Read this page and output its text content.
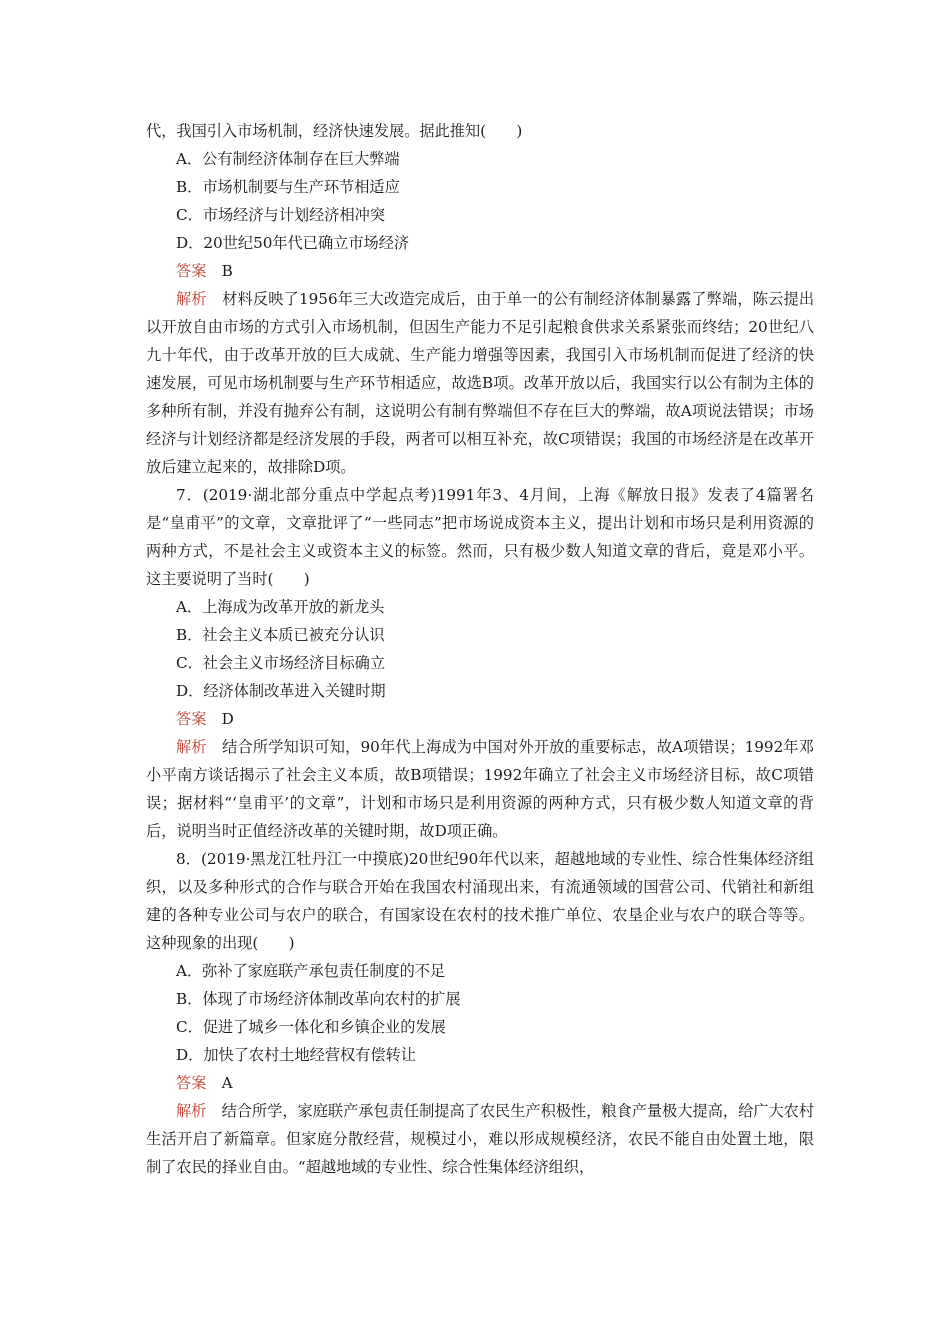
代，我国引入市场机制，经济快速发展。据此推知(　　)

A．公有制经济体制存在巨大弊端

B．市场机制要与生产环节相适应

C．市场经济与计划经济相冲突

D．20世纪50年代已确立市场经济

答案　 B

解析　 材料反映了1956年三大改造完成后，由于单一的公有制经济体制暴露了弊端，陈云提出以开放自由市场的方式引入市场机制，但因生产能力不足引起粮食供求关系紧张而终结；20世纪八九十年代，由于改革开放的巨大成就、生产能力增强等因素，我国引入市场机制而促进了经济的快速发展，可见市场机制要与生产环节相适应，故选B项。改革开放以后，我国实行以公有制为主体的多种所有制，并没有抛弃公有制，这说明公有制有弊端但不存在巨大的弊端，故A项说法错误；市场经济与计划经济都是经济发展的手段，两者可以相互补充，故C项错误；我国的市场经济是在改革开放后建立起来的，故排除D项。

7．(2019·湖北部分重点中学起点考)1991年3、4月间，上海《解放日报》发表了4篇署名是“皇甫平”的文章，文章批评了“一些同志”把市场说成资本主义，提出计划和市场只是利用资源的两种方式，不是社会主义或资本主义的标签。然而，只有极少数人知道文章的背后，竟是邓小平。这主要说明了当时(　　)

A．上海成为改革开放的新龙头

B．社会主义本质已被充分认识

C．社会主义市场经济目标确立

D．经济体制改革进入关键时期

答案　 D

解析　 结合所学知识可知，90年代上海成为中国对外开放的重要标志，故A项错误；1992年邓小平南方谈话揭示了社会主义本质，故B项错误；1992年确立了社会主义市场经济目标，故C项错误；据材料“‘皇甫平’的文章”，计划和市场只是利用资源的两种方式，只有极少数人知道文章的背后，说明当时正值经济改革的关键时期，故D项正确。

8．(2019·黑龙江牡丹江一中摸底)20世纪90年代以来，超越地域的专业性、综合性集体经济组织，以及多种形式的合作与联合开始在我国农村涌现出来，有流通领域的国营公司、代销社和新组建的各种专业公司与农户的联合，有国家设在农村的技术推广单位、农垦企业与农户的联合等等。这种现象的出现(　　)

A．弥补了家庭联产承包责任制度的不足

B．体现了市场经济体制改革向农村的扩展

C．促进了城乡一体化和乡镇企业的发展

D．加快了农村土地经营权有偿转让

答案　 A

解析　 结合所学，家庭联产承包责任制提高了农民生产积极性，粮食产量极大提高，给广大农村生活开启了新篇章。但家庭分散经营，规模过小，难以形成规模经济，农民不能自由处置土地，限制了农民的择业自由。“超越地域的专业性、综合性集体经济组织，
